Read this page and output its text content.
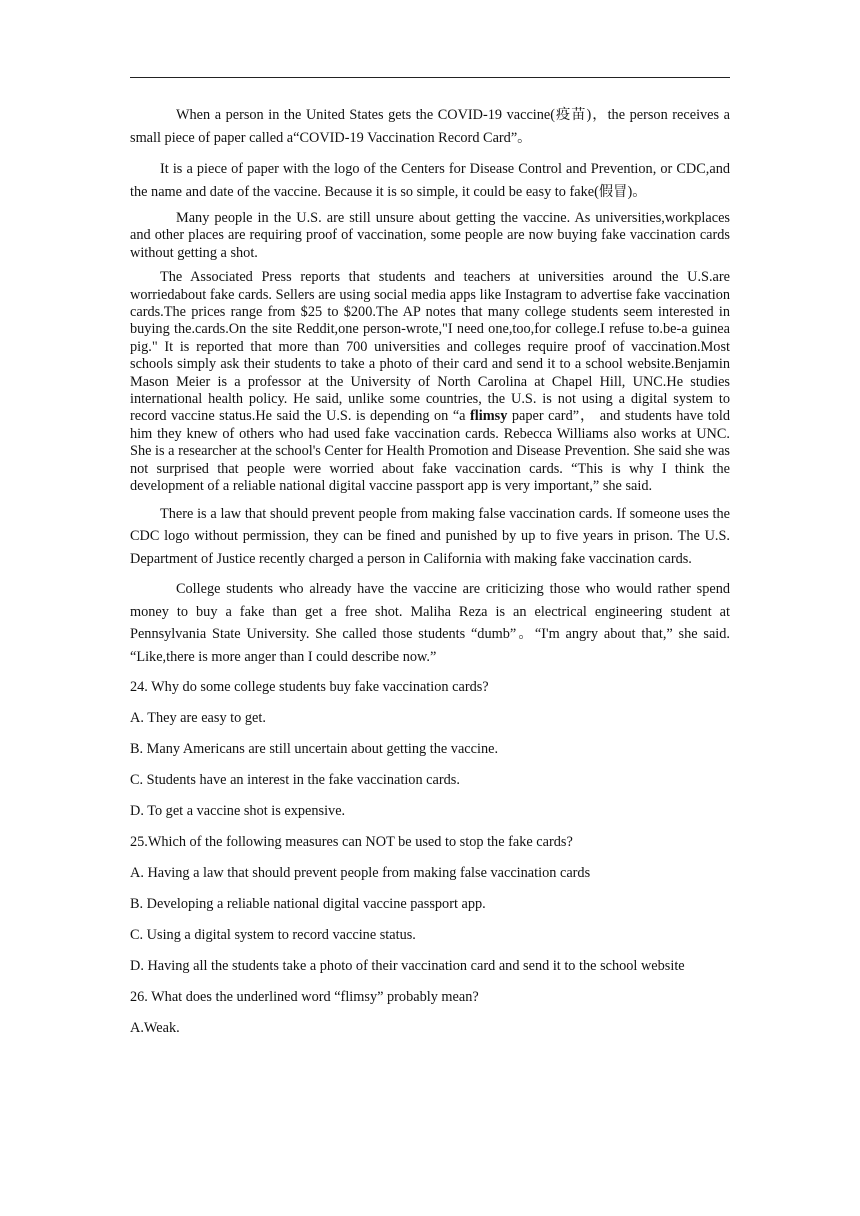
When a person in the United States gets the COVID-19 vaccine(疫苗)，the person receives a small piece of paper called a“COVID-19 Vaccination Record Card”。

It is a piece of paper with the logo of the Centers for Disease Control and Prevention, or CDC,and the name and date of the vaccine. Because it is so simple, it could be easy to fake(假冒)。

Many people in the U.S. are still unsure about getting the vaccine. As universities,workplaces and other places are requiring proof of vaccination, some people are now buying fake vaccination cards without getting a shot.

The Associated Press reports that students and teachers at universities around the U.S.are worriedabout fake cards. Sellers are using social media apps like Instagram to advertise fake vaccination cards.The prices range from $25 to $200.The AP notes that many college students seem interested in buying the.cards.On the site Reddit,one person-wrote,"I need one,too,for college.I refuse to.be-a guinea pig." It is reported that more than 700 universities and colleges require proof of vaccination.Most schools simply ask their students to take a photo of their card and send it to a school website.Benjamin Mason Meier is a professor at the University of North Carolina at Chapel Hill, UNC.He studies international health policy. He said, unlike some countries, the U.S. is not using a digital system to record vaccine status.He said the U.S. is depending on “a flimsy paper card”， and students have told him they knew of others who had used fake vaccination cards. Rebecca Williams also works at UNC. She is a researcher at the school's Center for Health Promotion and Disease Prevention. She said she was not surprised that people were worried about fake vaccination cards. “This is why I think the development of a reliable national digital vaccine passport app is very important,” she said.

There is a law that should prevent people from making false vaccination cards. If someone uses the CDC logo without permission, they can be fined and punished by up to five years in prison. The U.S. Department of Justice recently charged a person in California with making fake vaccination cards.

College students who already have the vaccine are criticizing those who would rather spend money to buy a fake than get a free shot. Maliha Reza is an electrical engineering student at Pennsylvania State University. She called those students “dumb”。“I'm angry about that,” she said. “Like,there is more anger than I could describe now.”

24. Why do some college students buy fake vaccination cards?

A. They are easy to get.

B. Many Americans are still uncertain about getting the vaccine.

C. Students have an interest in the fake vaccination cards.

D. To get a vaccine shot is expensive.

25.Which of the following measures can NOT be used to stop the fake cards?

A. Having a law that should prevent people from making false vaccination cards

B. Developing a reliable national digital vaccine passport app.

C. Using a digital system to record vaccine status.

D. Having all the students take a photo of their vaccination card and send it to the school website

26. What does the underlined word “flimsy” probably mean?

A.Weak.
